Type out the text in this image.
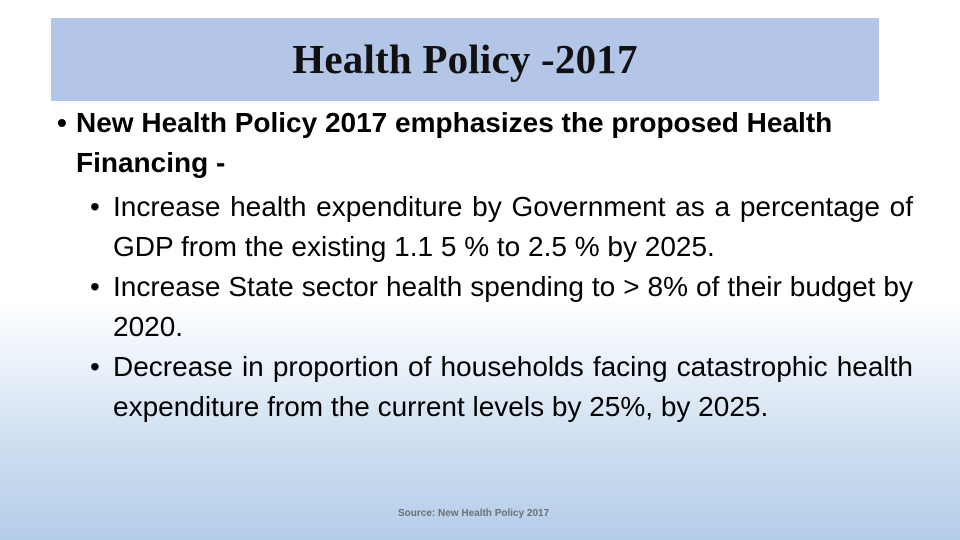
Health Policy -2017
• New Health Policy 2017 emphasizes the proposed Health Financing -
• Increase health expenditure by Government as a percentage of GDP from the existing 1.1 5 % to 2.5 % by 2025.
• Increase State sector health spending to > 8% of their budget by 2020.
• Decrease in proportion of households facing catastrophic health expenditure from the current levels by 25%, by 2025.
Source: New Health Policy 2017
